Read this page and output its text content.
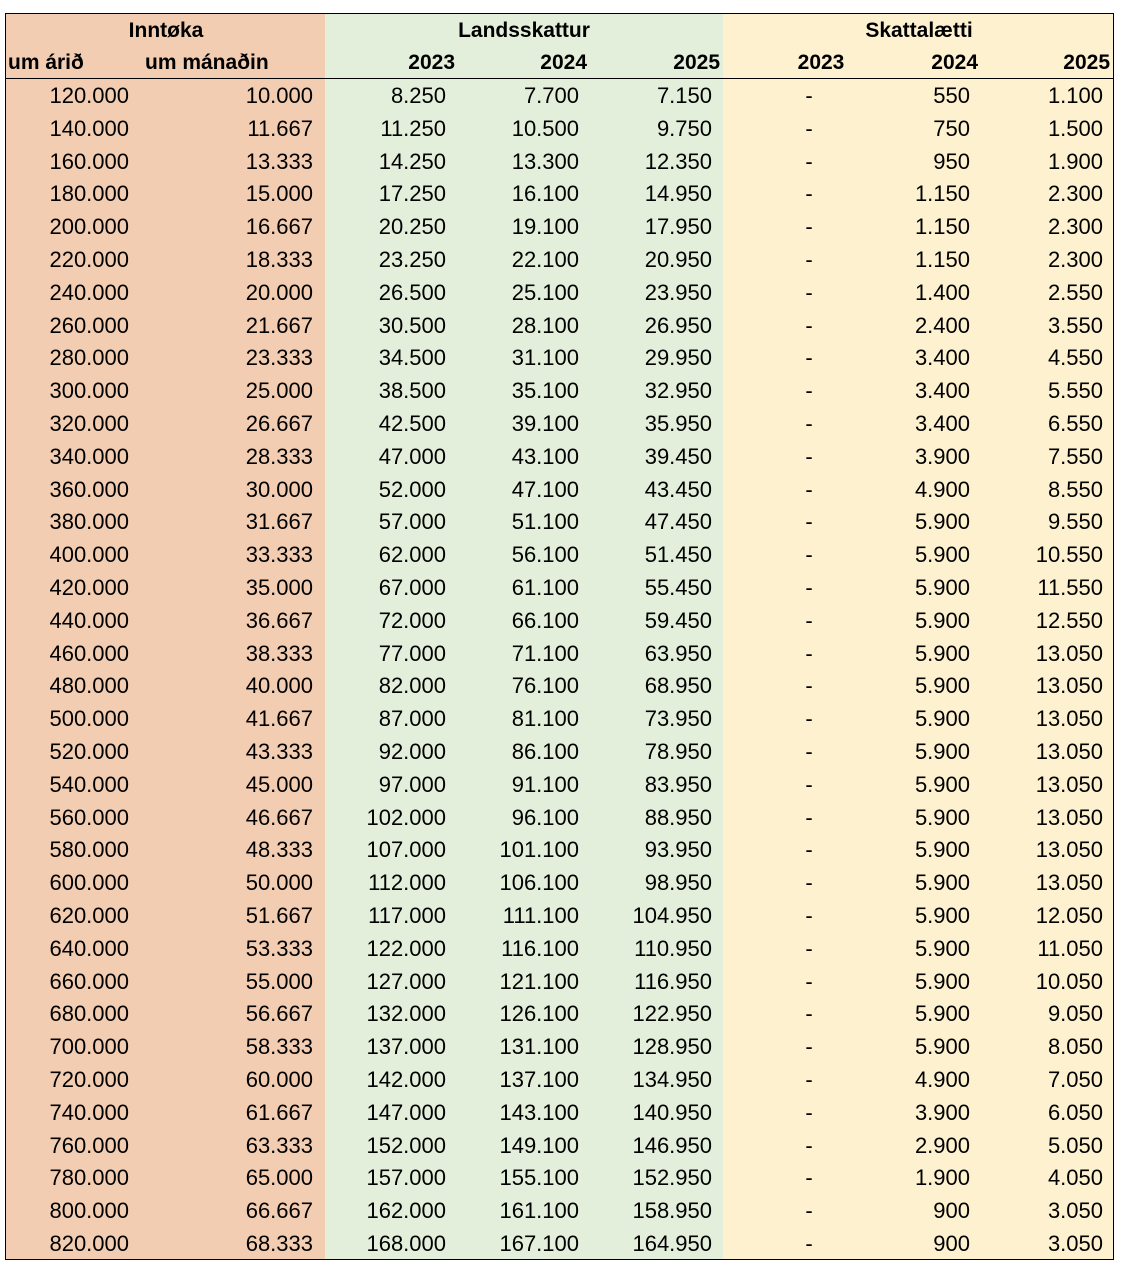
Inntøka	Landsskattur	Skattalætti
um árið	um mánaðin	2023	2024	2025	2023	2024	2025
120.000	10.000	8.250	7.700	7.150	-	550	1.100
140.000	11.667	11.250	10.500	9.750	-	750	1.500
160.000	13.333	14.250	13.300	12.350	-	950	1.900
180.000	15.000	17.250	16.100	14.950	-	1.150	2.300
200.000	16.667	20.250	19.100	17.950	-	1.150	2.300
220.000	18.333	23.250	22.100	20.950	-	1.150	2.300
240.000	20.000	26.500	25.100	23.950	-	1.400	2.550
260.000	21.667	30.500	28.100	26.950	-	2.400	3.550
280.000	23.333	34.500	31.100	29.950	-	3.400	4.550
300.000	25.000	38.500	35.100	32.950	-	3.400	5.550
320.000	26.667	42.500	39.100	35.950	-	3.400	6.550
340.000	28.333	47.000	43.100	39.450	-	3.900	7.550
360.000	30.000	52.000	47.100	43.450	-	4.900	8.550
380.000	31.667	57.000	51.100	47.450	-	5.900	9.550
400.000	33.333	62.000	56.100	51.450	-	5.900	10.550
420.000	35.000	67.000	61.100	55.450	-	5.900	11.550
440.000	36.667	72.000	66.100	59.450	-	5.900	12.550
460.000	38.333	77.000	71.100	63.950	-	5.900	13.050
480.000	40.000	82.000	76.100	68.950	-	5.900	13.050
500.000	41.667	87.000	81.100	73.950	-	5.900	13.050
520.000	43.333	92.000	86.100	78.950	-	5.900	13.050
540.000	45.000	97.000	91.100	83.950	-	5.900	13.050
560.000	46.667	102.000	96.100	88.950	-	5.900	13.050
580.000	48.333	107.000	101.100	93.950	-	5.900	13.050
600.000	50.000	112.000	106.100	98.950	-	5.900	13.050
620.000	51.667	117.000	111.100	104.950	-	5.900	12.050
640.000	53.333	122.000	116.100	110.950	-	5.900	11.050
660.000	55.000	127.000	121.100	116.950	-	5.900	10.050
680.000	56.667	132.000	126.100	122.950	-	5.900	9.050
700.000	58.333	137.000	131.100	128.950	-	5.900	8.050
720.000	60.000	142.000	137.100	134.950	-	4.900	7.050
740.000	61.667	147.000	143.100	140.950	-	3.900	6.050
760.000	63.333	152.000	149.100	146.950	-	2.900	5.050
780.000	65.000	157.000	155.100	152.950	-	1.900	4.050
800.000	66.667	162.000	161.100	158.950	-	900	3.050
820.000	68.333	168.000	167.100	164.950	-	900	3.050
